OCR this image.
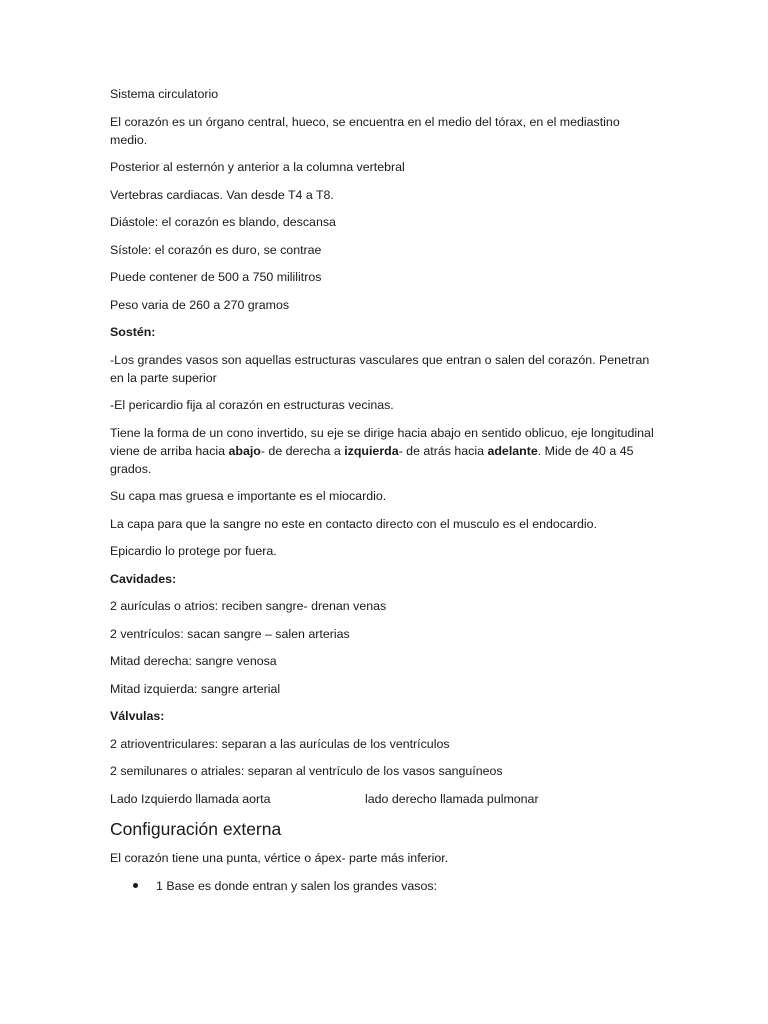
Sistema circulatorio

El corazón es un órgano central, hueco, se encuentra en el medio del tórax, en el mediastino medio.

Posterior al esternón y anterior a la columna vertebral

Vertebras cardiacas. Van desde T4 a T8.

Diástole: el corazón es blando, descansa

Sístole: el corazón es duro, se contrae

Puede contener de 500 a 750 mililitros

Peso varia de 260 a 270 gramos

Sostén:

-Los grandes vasos son aquellas estructuras vasculares que entran o salen del corazón. Penetran en la parte superior

-El pericardio fija al corazón en estructuras vecinas.

Tiene la forma de un cono invertido, su eje se dirige hacia abajo en sentido oblicuo, eje longitudinal viene de arriba hacia abajo- de derecha a izquierda- de atrás hacia adelante. Mide de 40 a 45 grados.

Su capa mas gruesa e importante es el miocardio.

La capa para que la sangre no este en contacto directo con el musculo es el endocardio.

Epicardio lo protege por fuera.

Cavidades:

2 aurículas o atrios: reciben sangre- drenan venas

2 ventrículos: sacan sangre – salen arterias

Mitad derecha: sangre venosa

Mitad izquierda: sangre arterial

Válvulas:

2 atrioventriculares: separan a las aurículas de los ventrículos

2 semilunares o atriales: separan al ventrículo de los vasos sanguíneos

Lado Izquierdo llamada aorta	lado derecho llamada pulmonar
Configuración externa

El corazón tiene una punta, vértice o ápex- parte más inferior.

1 Base es donde entran y salen los grandes vasos:
